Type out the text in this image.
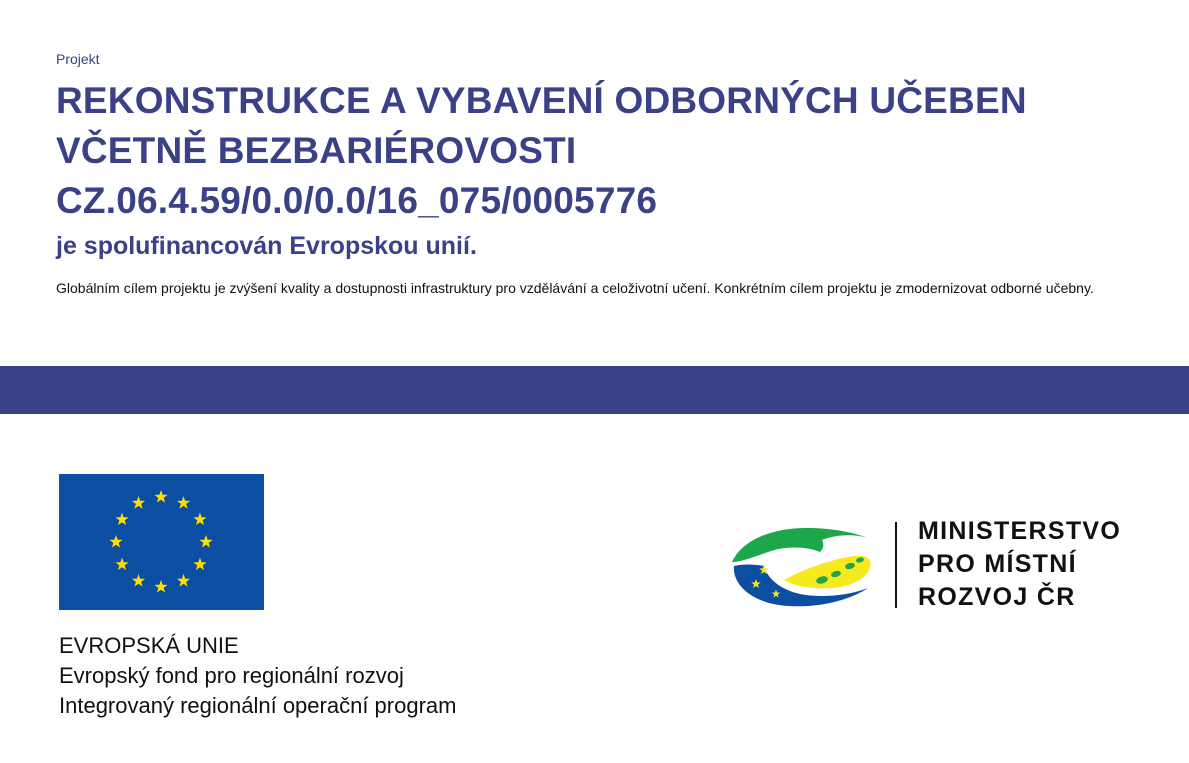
Projekt
REKONSTRUKCE A VYBAVENÍ ODBORNÝCH UČEBEN
VČETNĚ BEZBARIÉROVOSTI
CZ.06.4.59/0.0/0.0/16_075/0005776
je spolufinancován Evropskou unií.
Globálním cílem projektu je zvýšení kvality a dostupnosti infrastruktury pro vzdělávání a celoživotní učení. Konkrétním cílem projektu je zmodernizovat odborné učebny.
EVROPSKÁ UNIE
Evropský fond pro regionální rozvoj
Integrovaný regionální operační program
MINISTERSTVO
PRO MÍSTNÍ
ROZVOJ ČR
